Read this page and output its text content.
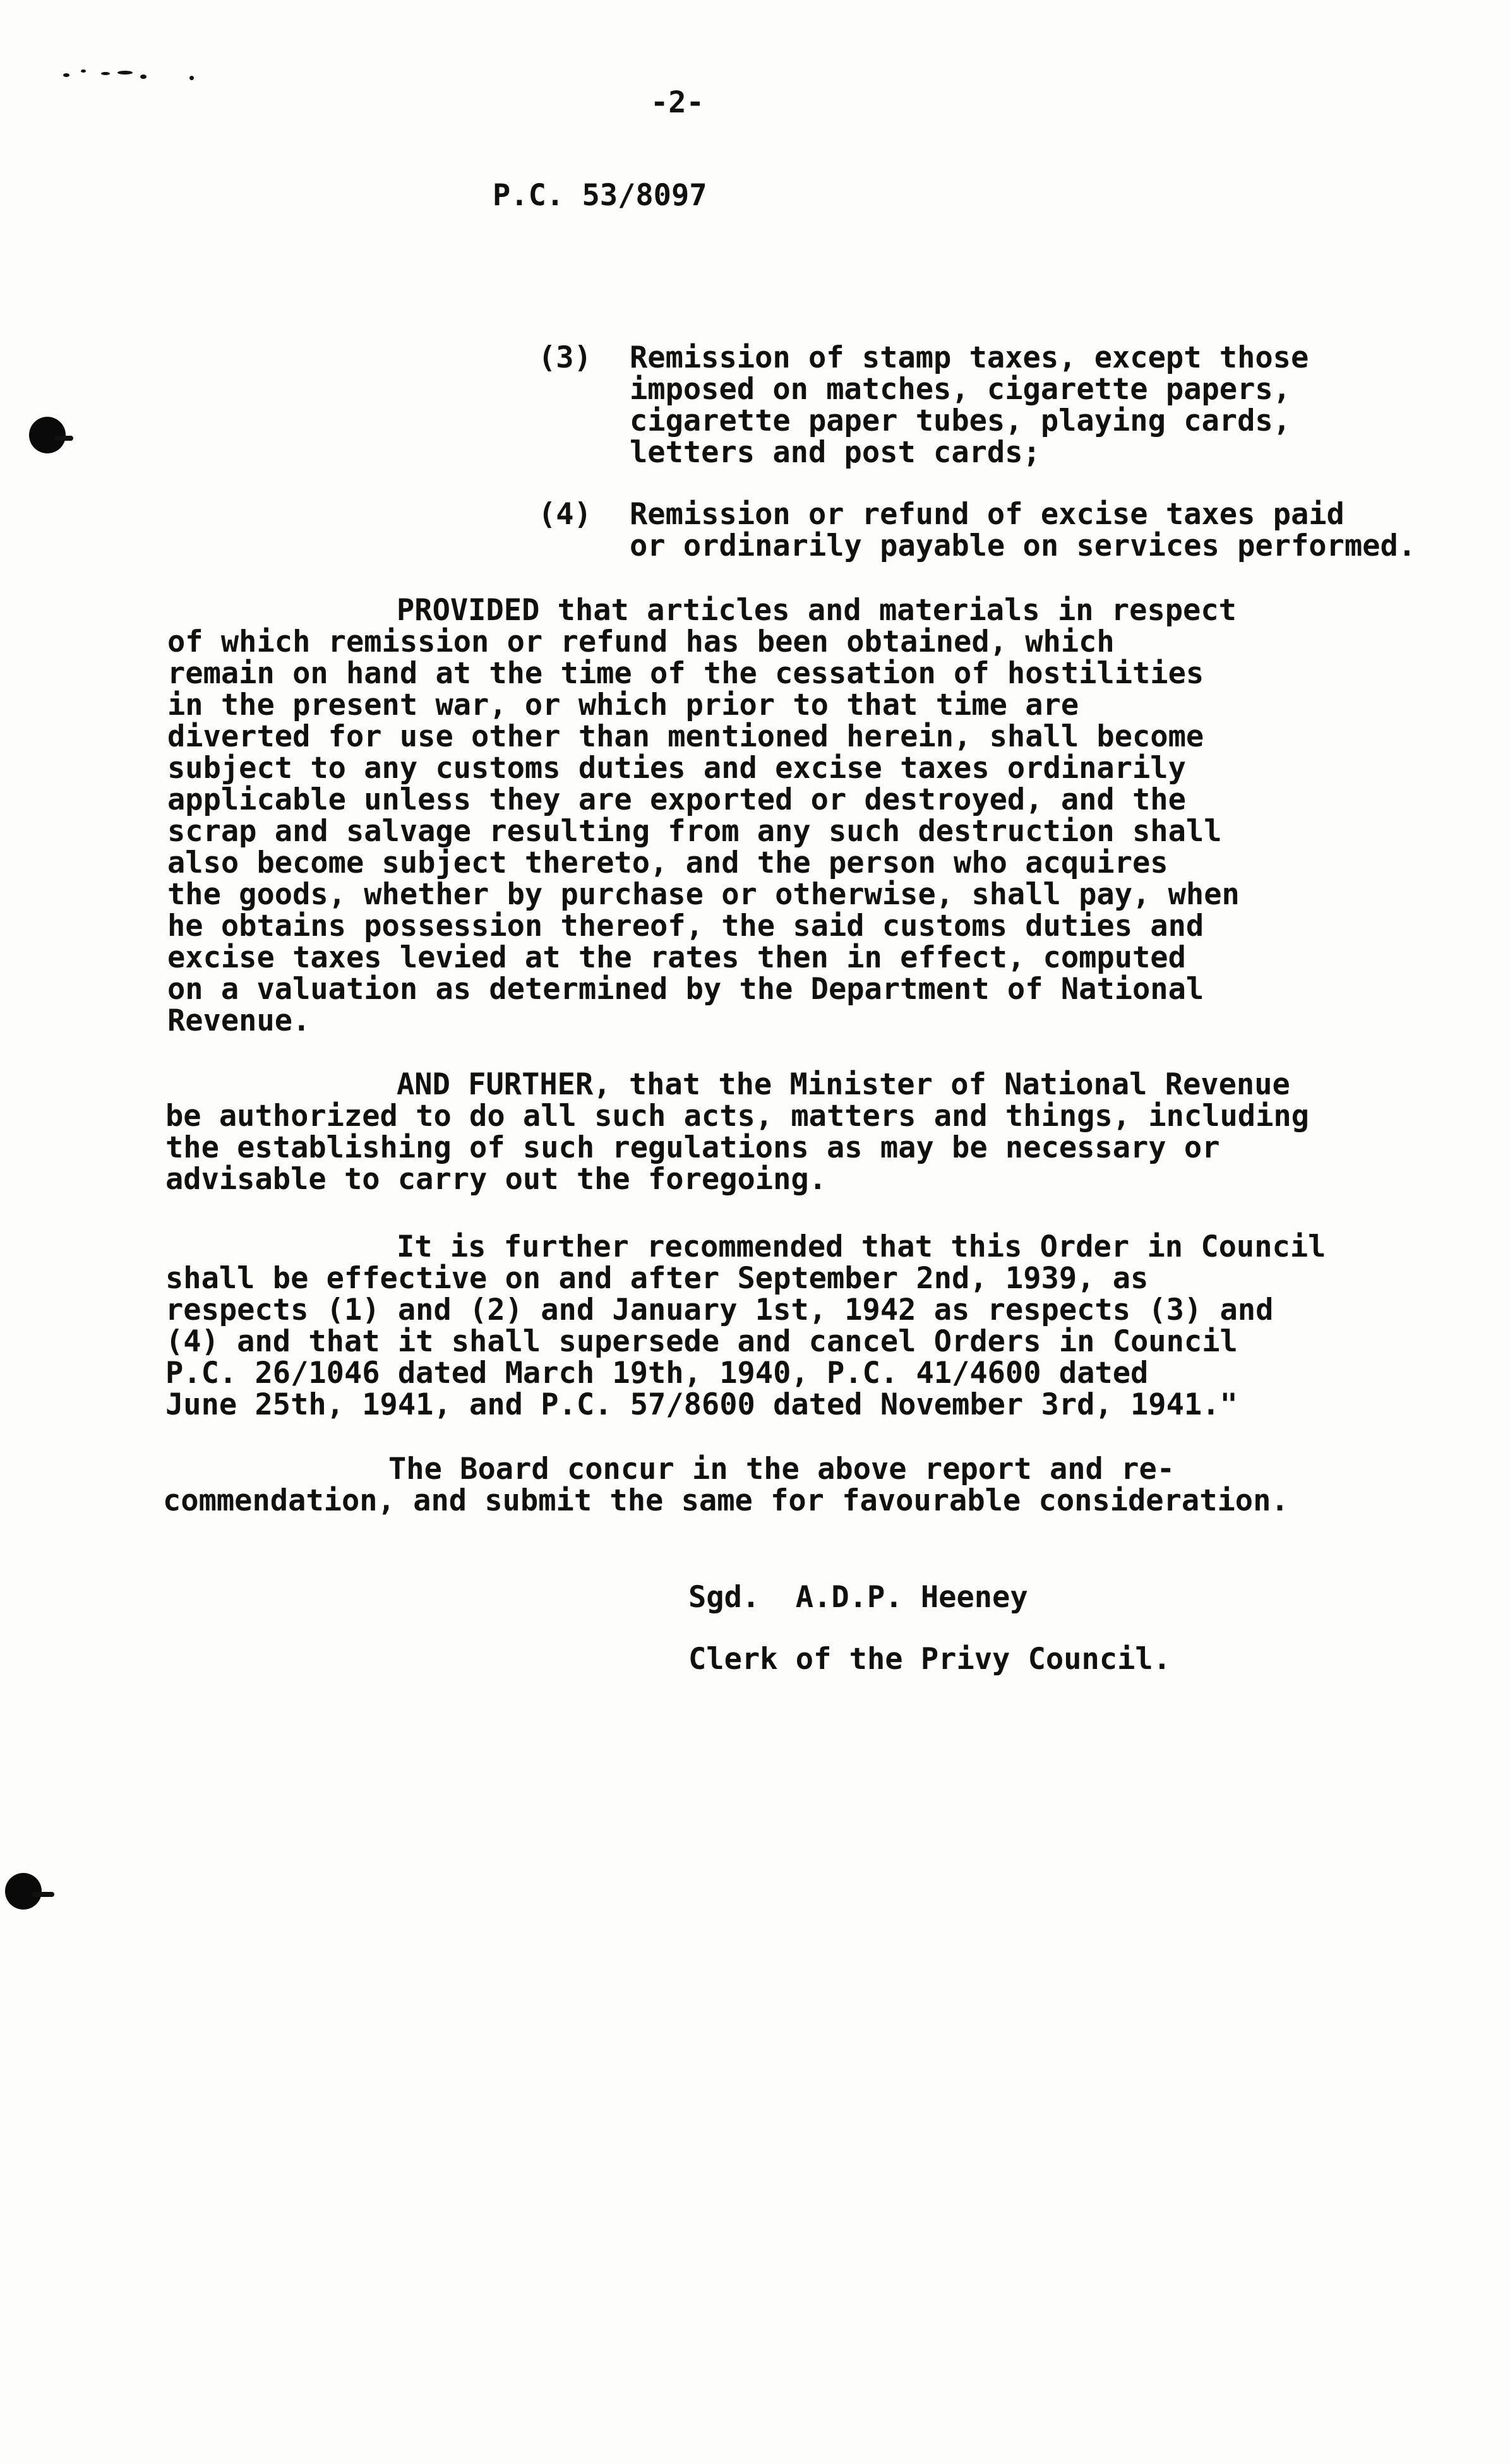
-2-
P.C. 53/8097
(3) Remission of stamp taxes, except those
imposed on matches, cigarette papers,
cigarette paper tubes, playing cards,
letters and post cards;
(4) Remission or refund of excise taxes paid
or ordinarily payable on services performed.
PROVIDED that articles and materials in respect
of which remission or refund has been obtained, which
remain on hand at the time of the cessation of hostilities
in the present war, or which prior to that time are
diverted for use other than mentioned herein, shall become
subject to any customs duties and excise taxes ordinarily
applicable unless they are exported or destroyed, and the
scrap and salvage resulting from any such destruction shall
also become subject thereto, and the person who acquires
the goods, whether by purchase or otherwise, shall pay, when
he obtains possession thereof, the said customs duties and
excise taxes levied at the rates then in effect, computed
on a valuation as determined by the Department of National
Revenue.
AND FURTHER, that the Minister of National Revenue
be authorized to do all such acts, matters and things, including
the establishing of such regulations as may be necessary or
advisable to carry out the foregoing.
It is further recommended that this Order in Council
shall be effective on and after September 2nd, 1939, as
respects (1) and (2) and January 1st, 1942 as respects (3) and
(4) and that it shall supersede and cancel Orders in Council
P.C. 26/1046 dated March 19th, 1940, P.C. 41/4600 dated
June 25th, 1941, and P.C. 57/8600 dated November 3rd, 1941."
The Board concur in the above report and re-
commendation, and submit the same for favourable consideration.
Sgd.  A.D.P. Heeney
Clerk of the Privy Council.
